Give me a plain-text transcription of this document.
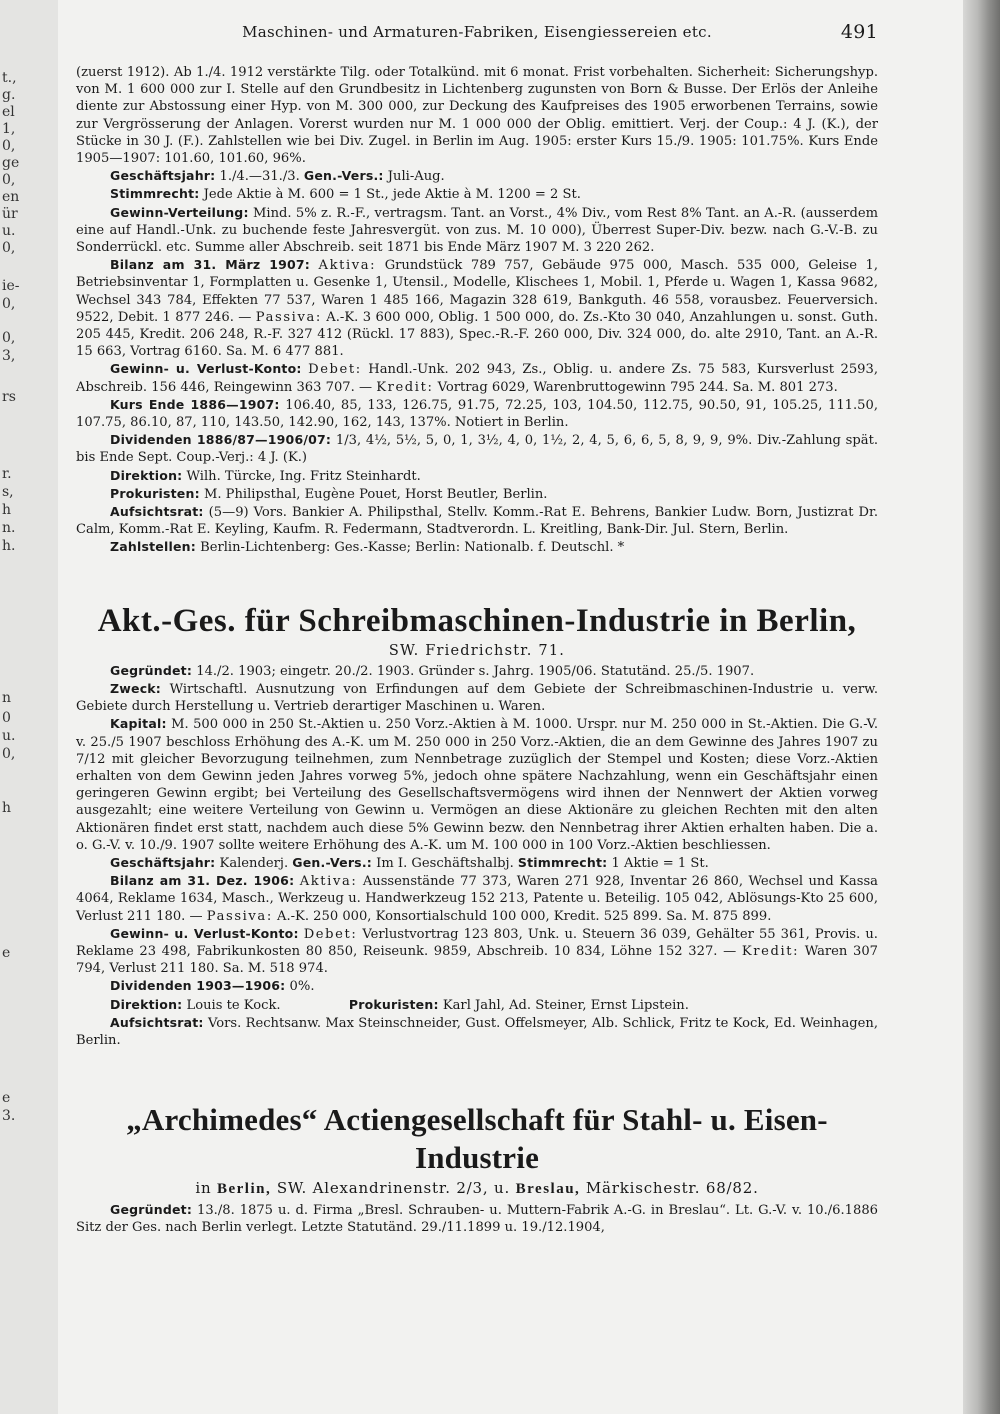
t.,
g.
el
1,
0,
ge
0,
en
ür
u.
0,
ie-
0,
0,
3,
rs
r.
s,
h
n.
h.
n
0
u.
0,
h
e
e
3.
Maschinen- und Armaturen-Fabriken, Eisengiessereien etc.	491

(zuerst 1912). Ab 1./4. 1912 verstärkte Tilg. oder Totalkünd. mit 6 monat. Frist vorbehalten. Sicherheit: Sicherungshyp. von M. 1 600 000 zur I. Stelle auf den Grundbesitz in Lichtenberg zugunsten von Born & Busse. Der Erlös der Anleihe diente zur Abstossung einer Hyp. von M. 300 000, zur Deckung des Kaufpreises des 1905 erworbenen Terrains, sowie zur Vergrösserung der Anlagen. Vorerst wurden nur M. 1 000 000 der Oblig. emittiert. Verj. der Coup.: 4 J. (K.), der Stücke in 30 J. (F.). Zahlstellen wie bei Div. Zugel. in Berlin im Aug. 1905: erster Kurs 15./9. 1905: 101.75%. Kurs Ende 1905—1907: 101.60, 101.60, 96%.

Geschäftsjahr: 1./4.—31./3. Gen.-Vers.: Juli-Aug.

Stimmrecht: Jede Aktie à M. 600 = 1 St., jede Aktie à M. 1200 = 2 St.

Gewinn-Verteilung: Mind. 5% z. R.-F., vertragsm. Tant. an Vorst., 4% Div., vom Rest 8% Tant. an A.-R. (ausserdem eine auf Handl.-Unk. zu buchende feste Jahresvergüt. von zus. M. 10 000), Überrest Super-Div. bezw. nach G.-V.-B. zu Sonderrückl. etc. Summe aller Abschreib. seit 1871 bis Ende März 1907 M. 3 220 262.

Bilanz am 31. März 1907: Aktiva: Grundstück 789 757, Gebäude 975 000, Masch. 535 000, Geleise 1, Betriebsinventar 1, Formplatten u. Gesenke 1, Utensil., Modelle, Klischees 1, Mobil. 1, Pferde u. Wagen 1, Kassa 9682, Wechsel 343 784, Effekten 77 537, Waren 1 485 166, Magazin 328 619, Bankguth. 46 558, vorausbez. Feuerversich. 9522, Debit. 1 877 246. — Passiva: A.-K. 3 600 000, Oblig. 1 500 000, do. Zs.-Kto 30 040, Anzahlungen u. sonst. Guth. 205 445, Kredit. 206 248, R.-F. 327 412 (Rückl. 17 883), Spec.-R.-F. 260 000, Div. 324 000, do. alte 2910, Tant. an A.-R. 15 663, Vortrag 6160. Sa. M. 6 477 881.

Gewinn- u. Verlust-Konto: Debet: Handl.-Unk. 202 943, Zs., Oblig. u. andere Zs. 75 583, Kursverlust 2593, Abschreib. 156 446, Reingewinn 363 707. — Kredit: Vortrag 6029, Warenbruttogewinn 795 244. Sa. M. 801 273.

Kurs Ende 1886—1907: 106.40, 85, 133, 126.75, 91.75, 72.25, 103, 104.50, 112.75, 90.50, 91, 105.25, 111.50, 107.75, 86.10, 87, 110, 143.50, 142.90, 162, 143, 137%. Notiert in Berlin.

Dividenden 1886/87—1906/07: 1/3, 4½, 5½, 5, 0, 1, 3½, 4, 0, 1½, 2, 4, 5, 6, 6, 5, 8, 9, 9, 9%. Div.-Zahlung spät. bis Ende Sept. Coup.-Verj.: 4 J. (K.)

Direktion: Wilh. Türcke, Ing. Fritz Steinhardt.

Prokuristen: M. Philipsthal, Eugène Pouet, Horst Beutler, Berlin.

Aufsichtsrat: (5—9) Vors. Bankier A. Philipsthal, Stellv. Komm.-Rat E. Behrens, Bankier Ludw. Born, Justizrat Dr. Calm, Komm.-Rat E. Keyling, Kaufm. R. Federmann, Stadtverordn. L. Kreitling, Bank-Dir. Jul. Stern, Berlin.

Zahlstellen: Berlin-Lichtenberg: Ges.-Kasse; Berlin: Nationalb. f. Deutschl. *

Akt.-Ges. für Schreibmaschinen-Industrie in Berlin,
SW. Friedrichstr. 71.

Gegründet: 14./2. 1903; eingetr. 20./2. 1903. Gründer s. Jahrg. 1905/06. Statutänd. 25./5. 1907.

Zweck: Wirtschaftl. Ausnutzung von Erfindungen auf dem Gebiete der Schreibmaschinen-Industrie u. verw. Gebiete durch Herstellung u. Vertrieb derartiger Maschinen u. Waren.

Kapital: M. 500 000 in 250 St.-Aktien u. 250 Vorz.-Aktien à M. 1000. Urspr. nur M. 250 000 in St.-Aktien. Die G.-V. v. 25./5 1907 beschloss Erhöhung des A.-K. um M. 250 000 in 250 Vorz.-Aktien, die an dem Gewinne des Jahres 1907 zu 7/12 mit gleicher Bevorzugung teilnehmen, zum Nennbetrage zuzüglich der Stempel und Kosten; diese Vorz.-Aktien erhalten von dem Gewinn jeden Jahres vorweg 5%, jedoch ohne spätere Nachzahlung, wenn ein Geschäftsjahr einen geringeren Gewinn ergibt; bei Verteilung des Gesellschaftsvermögens wird ihnen der Nennwert der Aktien vorweg ausgezahlt; eine weitere Verteilung von Gewinn u. Vermögen an diese Aktionäre zu gleichen Rechten mit den alten Aktionären findet erst statt, nachdem auch diese 5% Gewinn bezw. den Nennbetrag ihrer Aktien erhalten haben. Die a. o. G.-V. v. 10./9. 1907 sollte weitere Erhöhung des A.-K. um M. 100 000 in 100 Vorz.-Aktien beschliessen.

Geschäftsjahr: Kalenderj. Gen.-Vers.: Im I. Geschäftshalbj. Stimmrecht: 1 Aktie = 1 St.

Bilanz am 31. Dez. 1906: Aktiva: Aussenstände 77 373, Waren 271 928, Inventar 26 860, Wechsel und Kassa 4064, Reklame 1634, Masch., Werkzeug u. Handwerkzeug 152 213, Patente u. Beteilig. 105 042, Ablösungs-Kto 25 600, Verlust 211 180. — Passiva: A.-K. 250 000, Konsortialschuld 100 000, Kredit. 525 899. Sa. M. 875 899.

Gewinn- u. Verlust-Konto: Debet: Verlustvortrag 123 803, Unk. u. Steuern 36 039, Gehälter 55 361, Provis. u. Reklame 23 498, Fabrikunkosten 80 850, Reiseunk. 9859, Abschreib. 10 834, Löhne 152 327. — Kredit: Waren 307 794, Verlust 211 180. Sa. M. 518 974.

Dividenden 1903—1906: 0%.

Direktion: Louis te Kock.	Prokuristen: Karl Jahl, Ad. Steiner, Ernst Lipstein.

Aufsichtsrat: Vors. Rechtsanw. Max Steinschneider, Gust. Offelsmeyer, Alb. Schlick, Fritz te Kock, Ed. Weinhagen, Berlin.

„Archimedes“ Actiengesellschaft für Stahl- u. Eisen-Industrie
in Berlin, SW. Alexandrinenstr. 2/3, u. Breslau, Märkischestr. 68/82.

Gegründet: 13./8. 1875 u. d. Firma „Bresl. Schrauben- u. Muttern-Fabrik A.-G. in Breslau“. Lt. G.-V. v. 10./6.1886 Sitz der Ges. nach Berlin verlegt. Letzte Statutänd. 29./11.1899 u. 19./12.1904,
